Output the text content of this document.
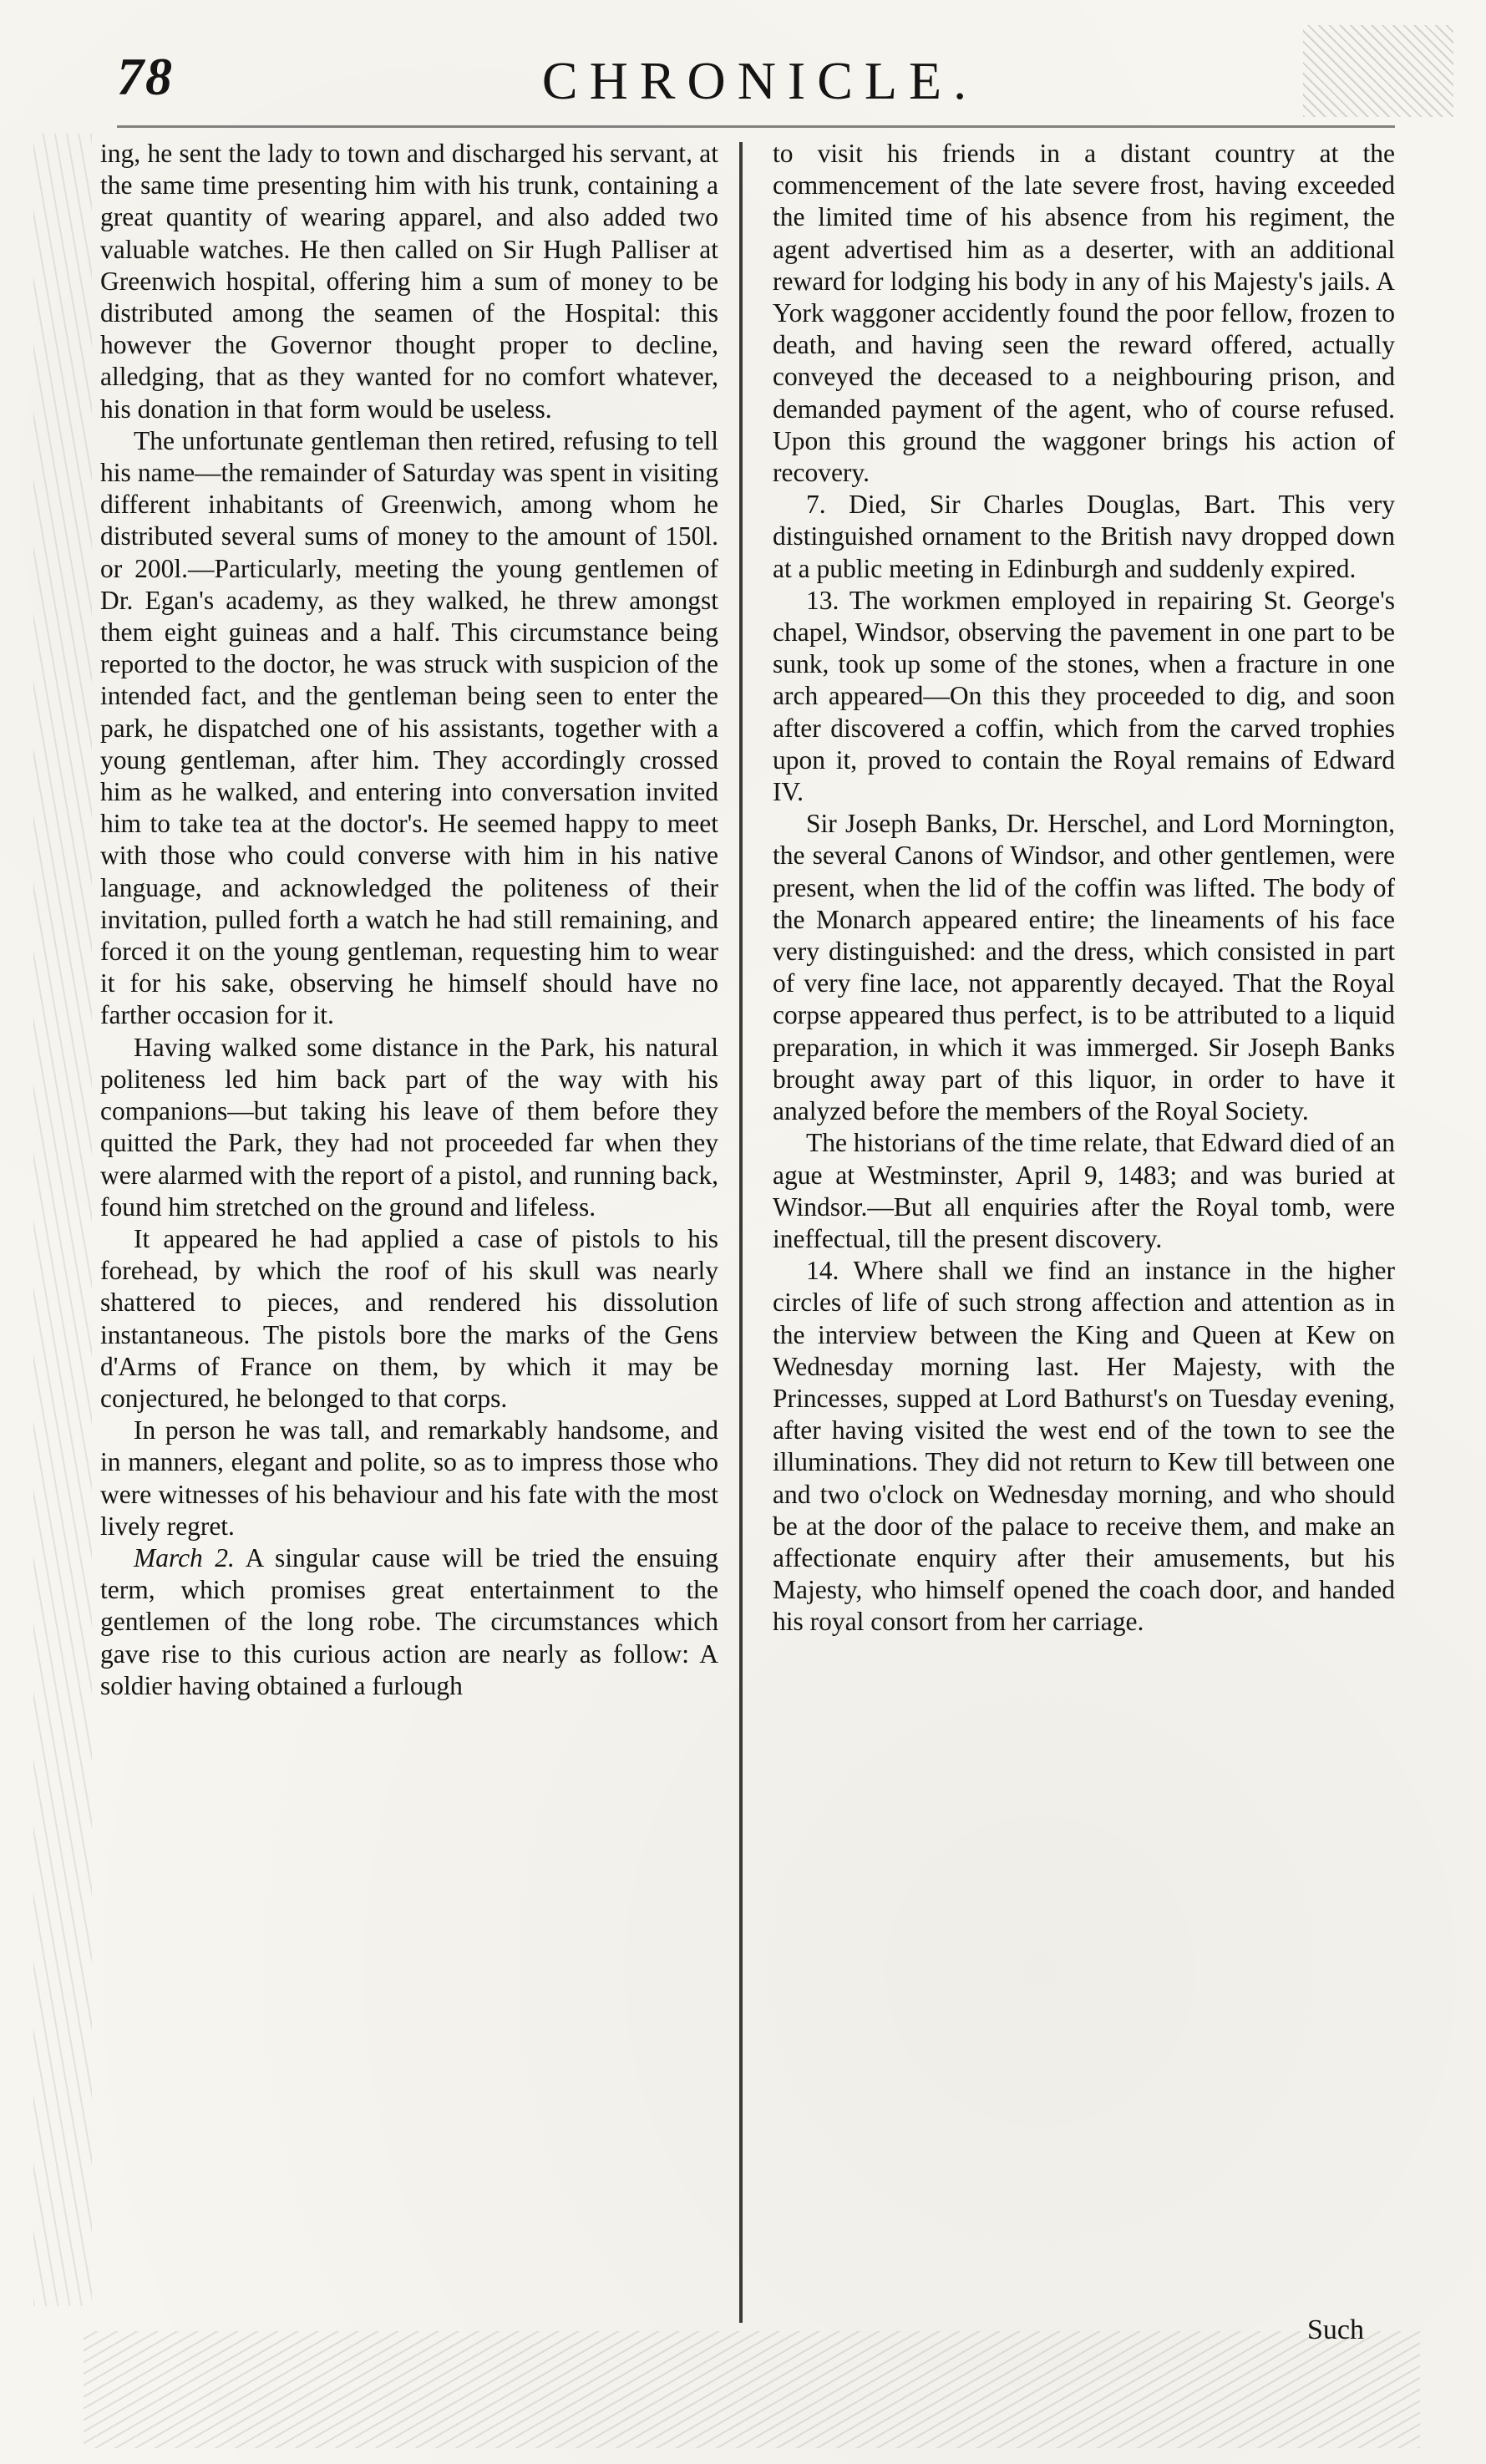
78	CHRONICLE.

ing, he sent the lady to town and discharged his servant, at the same time presenting him with his trunk, containing a great quantity of wearing apparel, and also added two valuable watches. He then called on Sir Hugh Palliser at Greenwich hospital, offering him a sum of money to be distributed among the seamen of the Hospital: this however the Governor thought proper to decline, alledging, that as they wanted for no comfort whatever, his donation in that form would be useless.

The unfortunate gentleman then retired, refusing to tell his name—the remainder of Saturday was spent in visiting different inhabitants of Greenwich, among whom he distributed several sums of money to the amount of 150l. or 200l.—Particularly, meeting the young gentlemen of Dr. Egan's academy, as they walked, he threw amongst them eight guineas and a half. This circumstance being reported to the doctor, he was struck with suspicion of the intended fact, and the gentleman being seen to enter the park, he dispatched one of his assistants, together with a young gentleman, after him. They accordingly crossed him as he walked, and entering into conversation invited him to take tea at the doctor's. He seemed happy to meet with those who could converse with him in his native language, and acknowledged the politeness of their invitation, pulled forth a watch he had still remaining, and forced it on the young gentleman, requesting him to wear it for his sake, observing he himself should have no farther occasion for it.

Having walked some distance in the Park, his natural politeness led him back part of the way with his companions—but taking his leave of them before they quitted the Park, they had not proceeded far when they were alarmed with the report of a pistol, and running back, found him stretched on the ground and lifeless.

It appeared he had applied a case of pistols to his forehead, by which the roof of his skull was nearly shattered to pieces, and rendered his dissolution instantaneous. The pistols bore the marks of the Gens d'Arms of France on them, by which it may be conjectured, he belonged to that corps.

In person he was tall, and remarkably handsome, and in manners, elegant and polite, so as to impress those who were witnesses of his behaviour and his fate with the most lively regret.

March 2. A singular cause will be tried the ensuing term, which promises great entertainment to the gentlemen of the long robe. The circumstances which gave rise to this curious action are nearly as follow: A soldier having obtained a furlough

to visit his friends in a distant country at the commencement of the late severe frost, having exceeded the limited time of his absence from his regiment, the agent advertised him as a deserter, with an additional reward for lodging his body in any of his Majesty's jails. A York waggoner accidently found the poor fellow, frozen to death, and having seen the reward offered, actually conveyed the deceased to a neighbouring prison, and demanded payment of the agent, who of course refused. Upon this ground the waggoner brings his action of recovery.

7. Died, Sir Charles Douglas, Bart. This very distinguished ornament to the British navy dropped down at a public meeting in Edinburgh and suddenly expired.

13. The workmen employed in repairing St. George's chapel, Windsor, observing the pavement in one part to be sunk, took up some of the stones, when a fracture in one arch appeared—On this they proceeded to dig, and soon after discovered a coffin, which from the carved trophies upon it, proved to contain the Royal remains of Edward IV.

Sir Joseph Banks, Dr. Herschel, and Lord Mornington, the several Canons of Windsor, and other gentlemen, were present, when the lid of the coffin was lifted. The body of the Monarch appeared entire; the lineaments of his face very distinguished: and the dress, which consisted in part of very fine lace, not apparently decayed. That the Royal corpse appeared thus perfect, is to be attributed to a liquid preparation, in which it was immerged. Sir Joseph Banks brought away part of this liquor, in order to have it analyzed before the members of the Royal Society.

The historians of the time relate, that Edward died of an ague at Westminster, April 9, 1483; and was buried at Windsor.—But all enquiries after the Royal tomb, were ineffectual, till the present discovery.

14. Where shall we find an instance in the higher circles of life of such strong affection and attention as in the interview between the King and Queen at Kew on Wednesday morning last. Her Majesty, with the Princesses, supped at Lord Bathurst's on Tuesday evening, after having visited the west end of the town to see the illuminations. They did not return to Kew till between one and two o'clock on Wednesday morning, and who should be at the door of the palace to receive them, and make an affectionate enquiry after their amusements, but his Majesty, who himself opened the coach door, and handed his royal consort from her carriage.

Such
